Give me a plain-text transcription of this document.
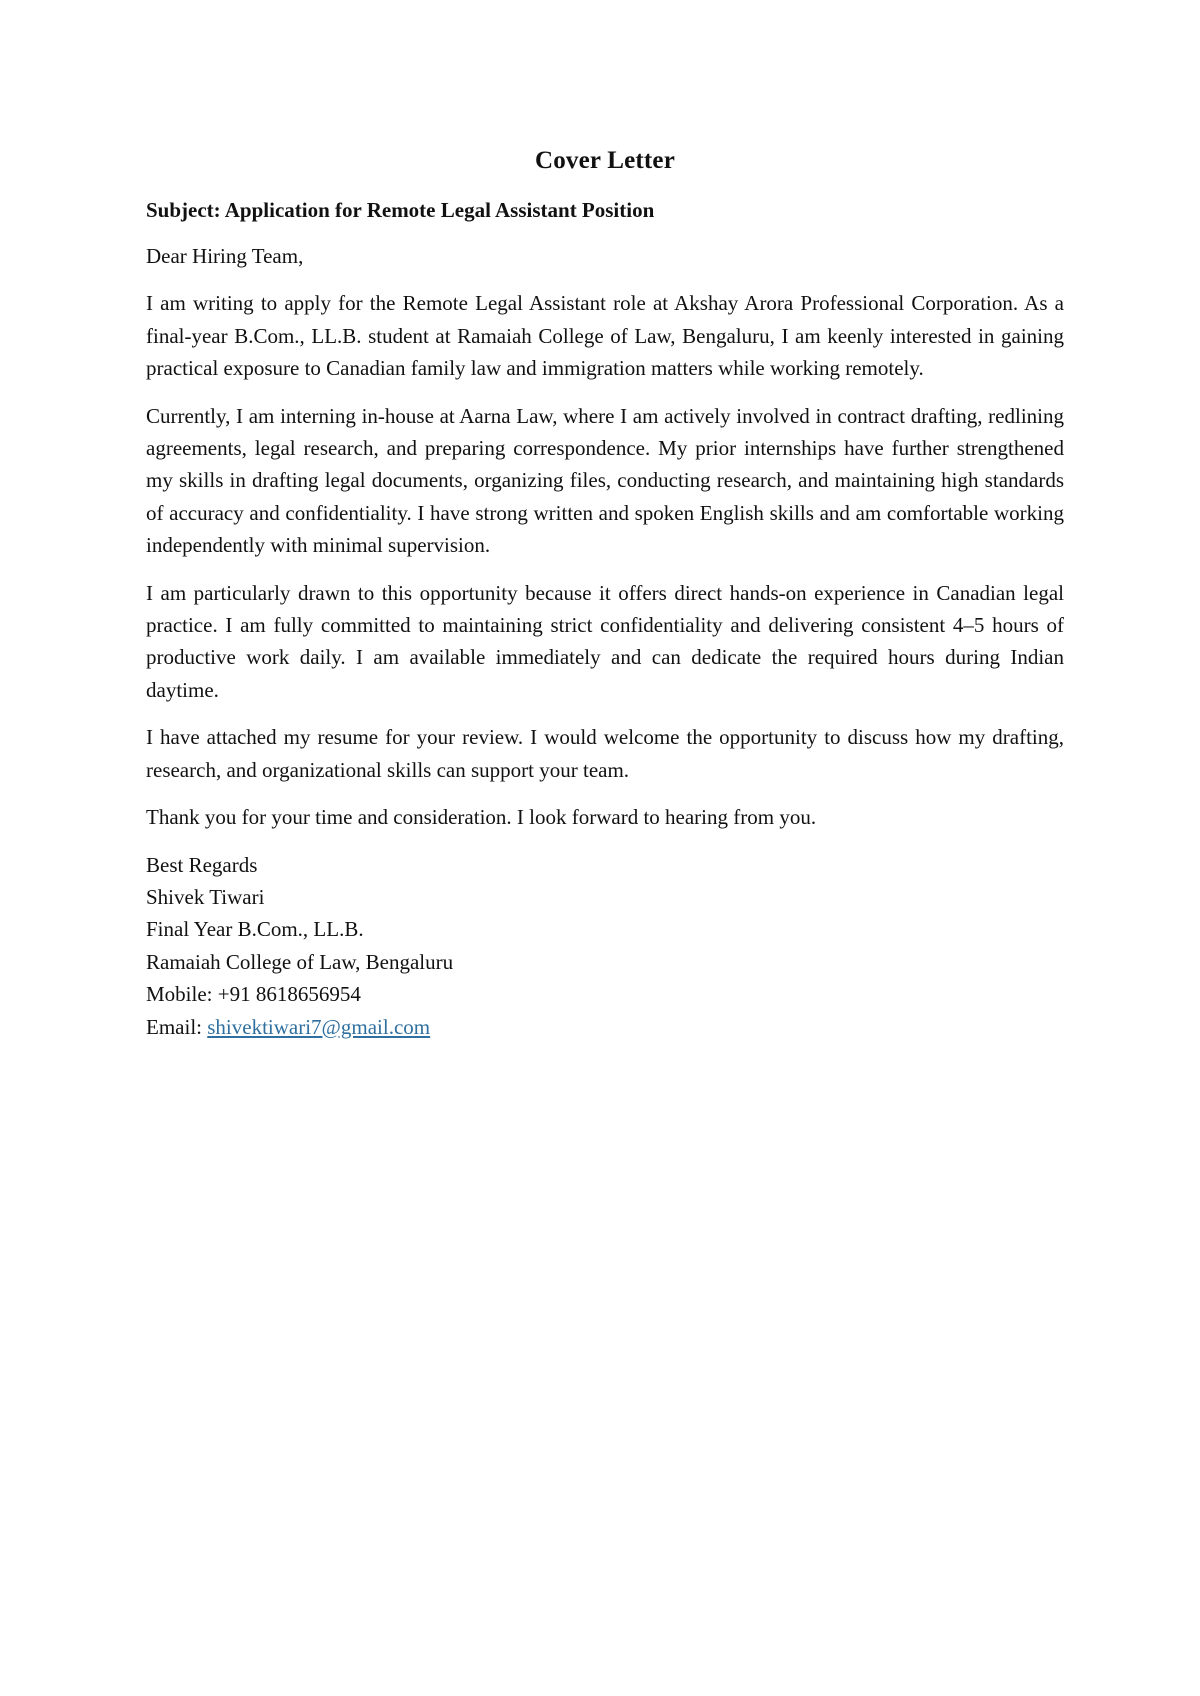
Cover Letter
Subject: Application for Remote Legal Assistant Position

Dear Hiring Team,

I am writing to apply for the Remote Legal Assistant role at Akshay Arora Professional Corporation. As a final-year B.Com., LL.B. student at Ramaiah College of Law, Bengaluru, I am keenly interested in gaining practical exposure to Canadian family law and immigration matters while working remotely.

Currently, I am interning in-house at Aarna Law, where I am actively involved in contract drafting, redlining agreements, legal research, and preparing correspondence. My prior internships have further strengthened my skills in drafting legal documents, organizing files, conducting research, and maintaining high standards of accuracy and confidentiality. I have strong written and spoken English skills and am comfortable working independently with minimal supervision.

I am particularly drawn to this opportunity because it offers direct hands-on experience in Canadian legal practice. I am fully committed to maintaining strict confidentiality and delivering consistent 4–5 hours of productive work daily. I am available immediately and can dedicate the required hours during Indian daytime.

I have attached my resume for your review. I would welcome the opportunity to discuss how my drafting, research, and organizational skills can support your team.

Thank you for your time and consideration. I look forward to hearing from you.

Best Regards
Shivek Tiwari
Final Year B.Com., LL.B.
Ramaiah College of Law, Bengaluru
Mobile: +91 8618656954
Email: shivektiwari7@gmail.com
